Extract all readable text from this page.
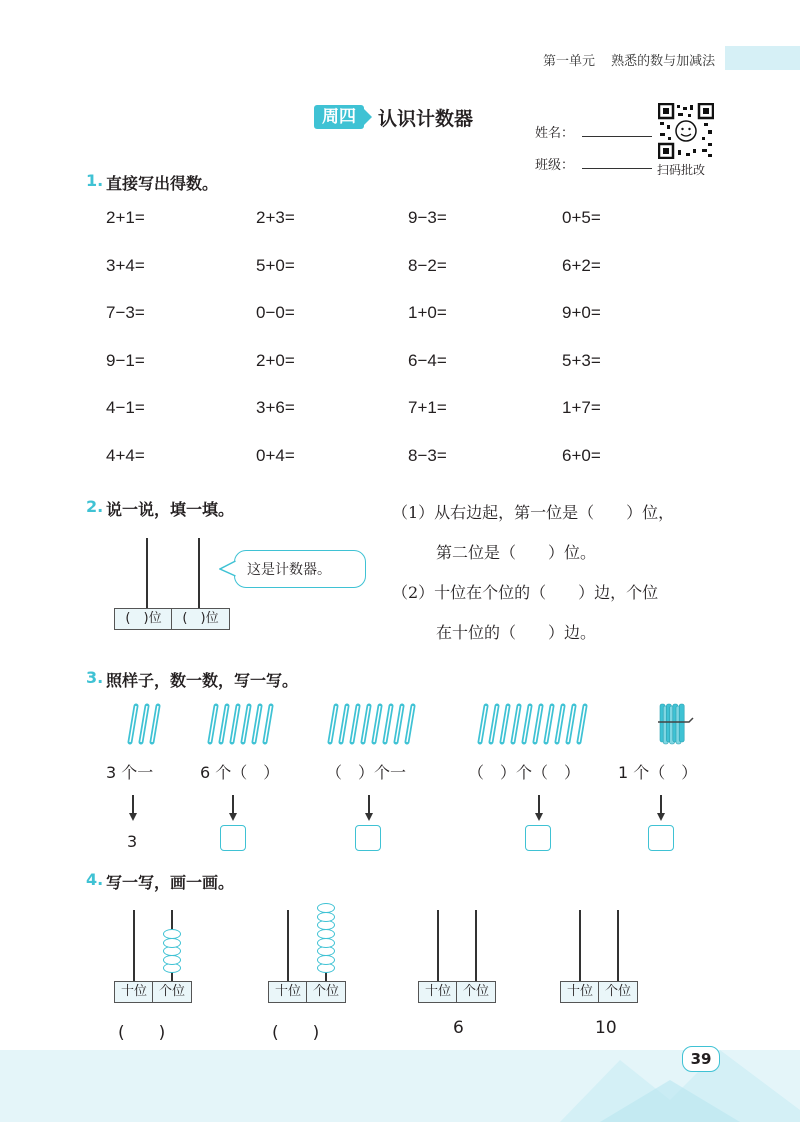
第一单元 熟悉的数与加减法
周四	认识计数器
姓名：
班级：	扫码批改
1. 直接写出得数。
2+1=	2+3=	9−3=	0+5=
3+4=	5+0=	8−2=	6+2=
7−3=	0−0=	1+0=	9+0=
9−1=	2+0=	6−4=	5+3=
4−1=	3+6=	7+1=	1+7=
4+4=	0+4=	8−3=	6+0=
2. 说一说，填一填。
(　)位	(　)位
这是计数器。
（1）从右边起，第一位是（　　）位，
第二位是（　　）位。
（2）十位在个位的（　　）边，个位
在十位的（　　）边。
3. 照样子，数一数，写一写。
3 个一	6 个（　）	（　）个一	（　）个（　） 1 个（　）
3
4. 写一写，画一画。
十位 个位
(　　)
十位 个位
(　　)
十位 个位
6
十位 个位
10
39
